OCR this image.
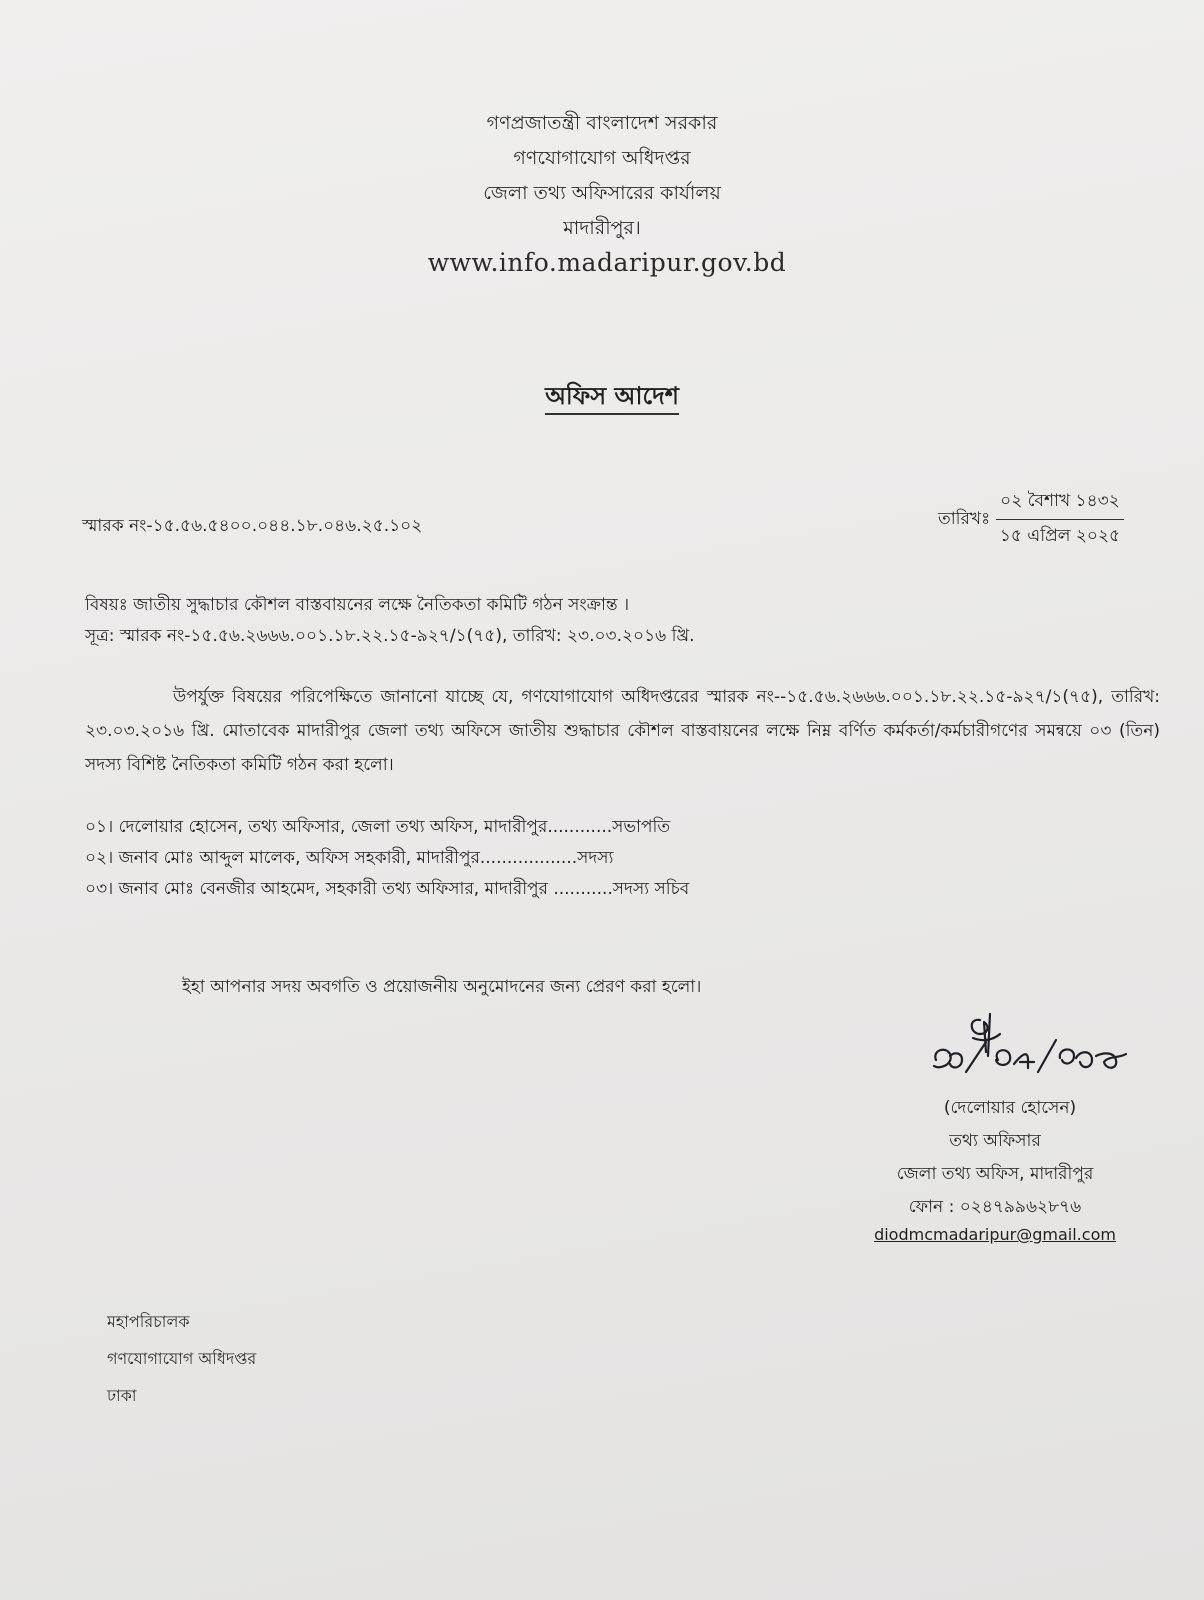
গণপ্রজাতন্ত্রী বাংলাদেশ সরকার
গণযোগাযোগ অধিদপ্তর
জেলা তথ্য অফিসারের কার্যালয়
মাদারীপুর।
www.info.madaripur.gov.bd
অফিস আদেশ
স্মারক নং-১৫.৫৬.৫৪০০.০৪৪.১৮.০৪৬.২৫.১০২	তারিখঃ $\frac{\text{০২ বৈশাখ ১৪৩২}}{\text{১৫ এপ্রিল ২০২৫}}$
বিষয়ঃ জাতীয় সুদ্ধাচার কৌশল বাস্তবায়নের লক্ষে নৈতিকতা কমিটি গঠন সংক্রান্ত ।
সূত্র: স্মারক নং-১৫.৫৬.২৬৬৬.০০১.১৮.২২.১৫-৯২৭/১(৭৫), তারিখ: ২৩.০৩.২০১৬ খ্রি.
উপর্যুক্ত বিষয়ের পরিপেক্ষিতে জানানো যাচ্ছে যে, গণযোগাযোগ অধিদপ্তরের স্মারক নং--১৫.৫৬.২৬৬৬.০০১.১৮.২২.১৫-৯২৭/১(৭৫), তারিখ: ২৩.০৩.২০১৬ খ্রি. মোতাবেক মাদারীপুর জেলা তথ্য অফিসে জাতীয় শুদ্ধাচার কৌশল বাস্তবায়নের লক্ষে নিম্ন বর্ণিত কর্মকর্তা/কর্মচারীগণের সমন্বয়ে ০৩ (তিন) সদস্য বিশিষ্ট নৈতিকতা কমিটি গঠন করা হলো।
০১। দেলোয়ার হোসেন, তথ্য অফিসার, জেলা তথ্য অফিস, মাদারীপুর............সভাপতি
০২। জনাব মোঃ আব্দুল মালেক, অফিস সহকারী, মাদারীপুর..................সদস্য
০৩। জনাব মোঃ বেনজীর আহমেদ, সহকারী তথ্য অফিসার, মাদারীপুর ...........সদস্য সচিব
ইহা আপনার সদয় অবগতি ও প্রয়োজনীয় অনুমোদনের জন্য প্রেরণ করা হলো।
(দেলোয়ার হোসেন)
তথ্য অফিসার
জেলা তথ্য অফিস, মাদারীপুর
ফোন : ০২৪৭৯৯৬২৮৭৬
diodmcmadaripur@gmail.com
মহাপরিচালক
গণযোগাযোগ অধিদপ্তর
ঢাকা
